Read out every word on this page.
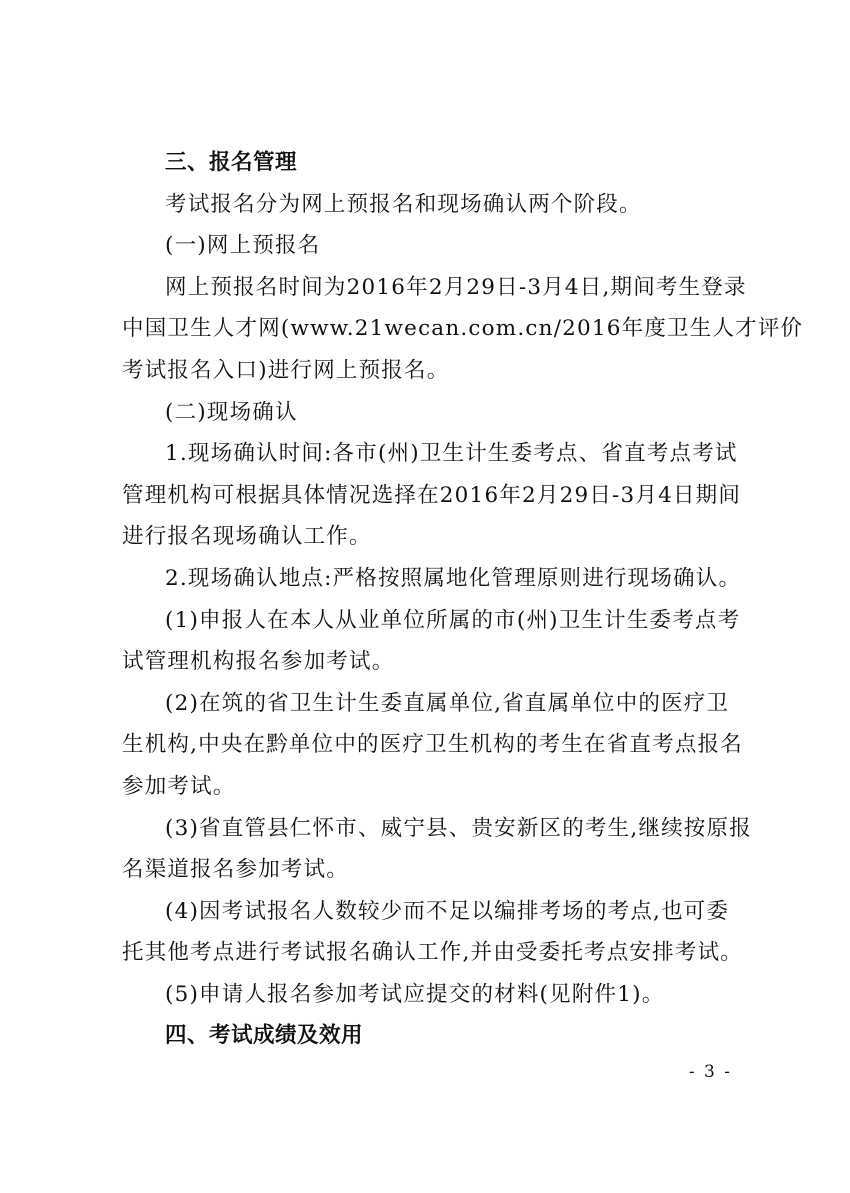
三、报名管理

考试报名分为网上预报名和现场确认两个阶段。

(一)网上预报名

网上预报名时间为2016年2月29日-3月4日,期间考生登录

中国卫生人才网(www.21wecan.com.cn/2016年度卫生人才评价

考试报名入口)进行网上预报名。

(二)现场确认

1.现场确认时间:各市(州)卫生计生委考点、省直考点考试

管理机构可根据具体情况选择在2016年2月29日-3月4日期间

进行报名现场确认工作。

2.现场确认地点:严格按照属地化管理原则进行现场确认。

(1)申报人在本人从业单位所属的市(州)卫生计生委考点考

试管理机构报名参加考试。

(2)在筑的省卫生计生委直属单位,省直属单位中的医疗卫

生机构,中央在黔单位中的医疗卫生机构的考生在省直考点报名

参加考试。

(3)省直管县仁怀市、威宁县、贵安新区的考生,继续按原报

名渠道报名参加考试。

(4)因考试报名人数较少而不足以编排考场的考点,也可委

托其他考点进行考试报名确认工作,并由受委托考点安排考试。

(5)申请人报名参加考试应提交的材料(见附件1)。

四、考试成绩及效用

- 3 -
